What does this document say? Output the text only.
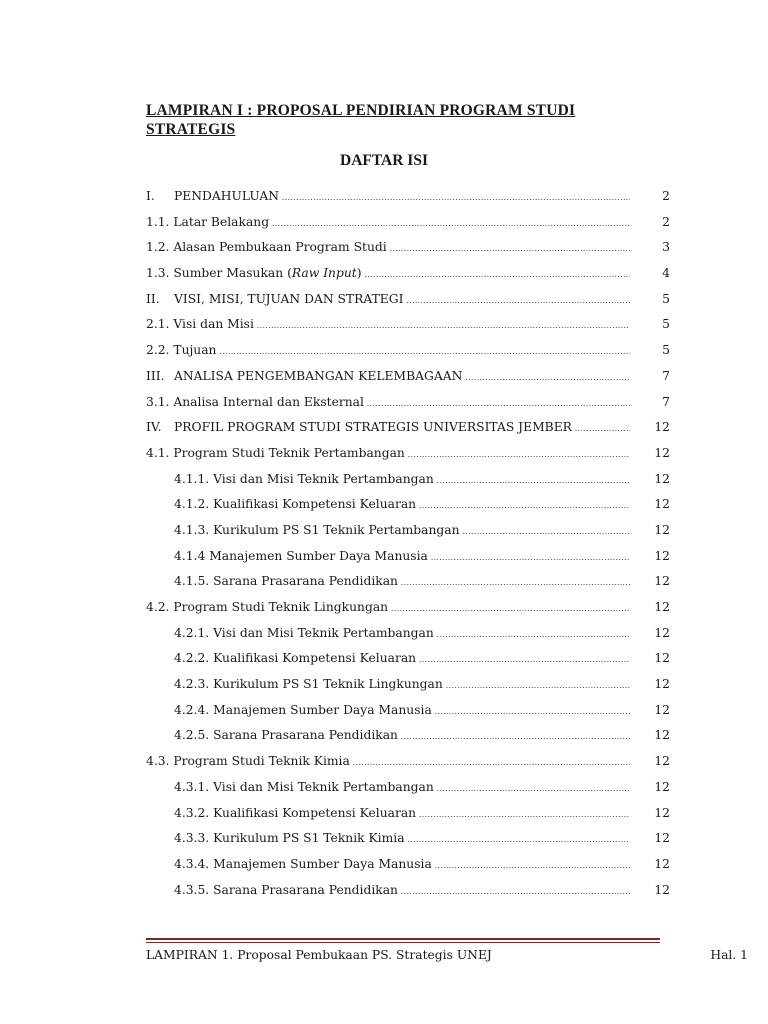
LAMPIRAN I : PROPOSAL PENDIRIAN PROGRAM STUDI
STRATEGIS
DAFTAR ISI
I. PENDAHULUAN .....	2
1.1. Latar Belakang .....	2
1.2. Alasan Pembukaan Program Studi .....	3
1.3. Sumber Masukan (Raw Input) .....	4
II. VISI, MISI, TUJUAN DAN STRATEGI .....	5
2.1. Visi dan Misi .....	5
2.2. Tujuan .....	5
III. ANALISA PENGEMBANGAN KELEMBAGAAN .....	7
3.1. Analisa Internal dan Eksternal .....	7
IV. PROFIL PROGRAM STUDI STRATEGIS UNIVERSITAS JEMBER .....	12
4.1. Program Studi Teknik Pertambangan .....	12
4.1.1. Visi dan Misi Teknik Pertambangan .....	12
4.1.2. Kualifikasi Kompetensi Keluaran .....	12
4.1.3. Kurikulum PS S1 Teknik Pertambangan .....	12
4.1.4 Manajemen Sumber Daya Manusia .....	12
4.1.5. Sarana Prasarana Pendidikan .....	12
4.2. Program Studi Teknik Lingkungan .....	12
4.2.1. Visi dan Misi Teknik Pertambangan .....	12
4.2.2. Kualifikasi Kompetensi Keluaran .....	12
4.2.3. Kurikulum PS S1 Teknik Lingkungan .....	12
4.2.4. Manajemen Sumber Daya Manusia .....	12
4.2.5. Sarana Prasarana Pendidikan .....	12
4.3. Program Studi Teknik Kimia .....	12
4.3.1. Visi dan Misi Teknik Pertambangan .....	12
4.3.2. Kualifikasi Kompetensi Keluaran .....	12
4.3.3. Kurikulum PS S1 Teknik Kimia .....	12
4.3.4. Manajemen Sumber Daya Manusia .....	12
4.3.5. Sarana Prasarana Pendidikan .....	12
LAMPIRAN 1. Proposal Pembukaan PS. Strategis UNEJ	Hal. 1
